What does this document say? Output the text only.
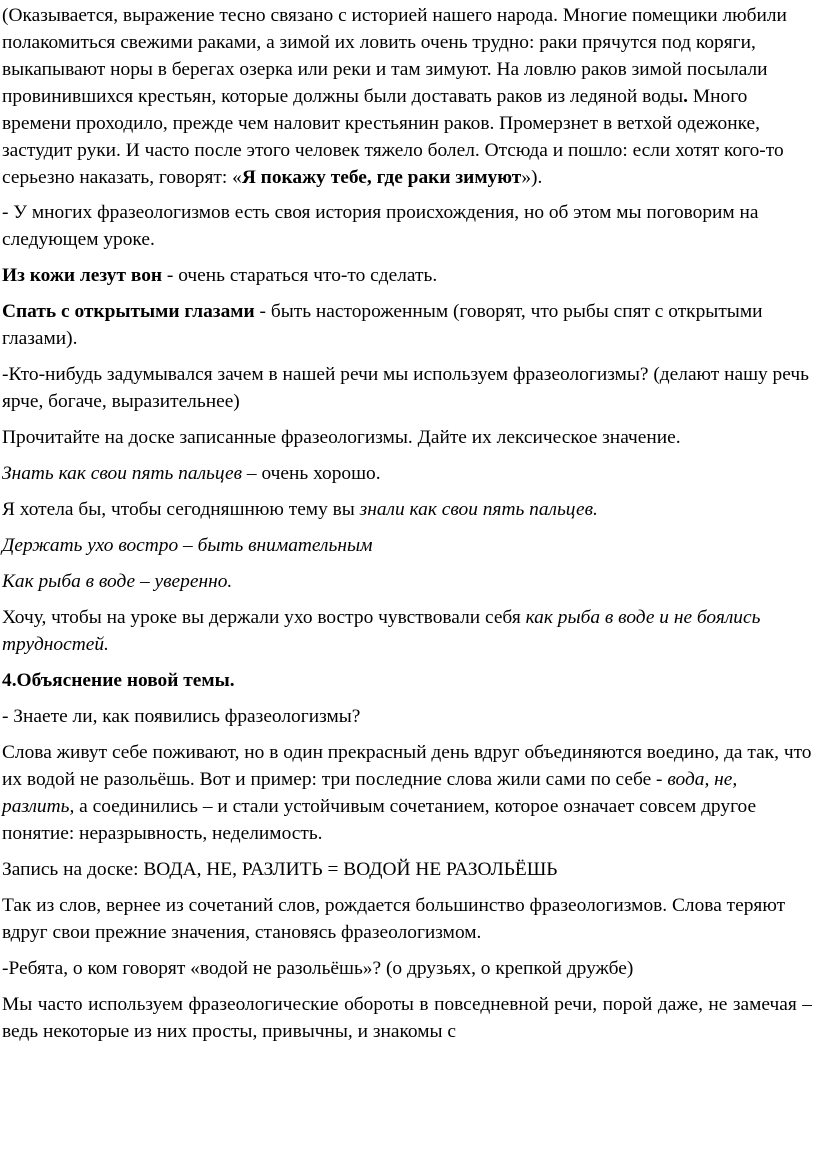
(Оказывается, выражение тесно связано с историей нашего народа. Многие помещики любили полакомиться свежими раками, а зимой их ловить очень трудно: раки прячутся под коряги, выкапывают норы в берегах озерка или реки и там зимуют. На ловлю раков зимой посылали провинившихся крестьян, которые должны были доставать раков из ледяной воды. Много времени проходило, прежде чем наловит крестьянин раков. Промерзнет в ветхой одежонке, застудит руки. И часто после этого человек тяжело болел. Отсюда и пошло: если хотят кого-то серьезно наказать, говорят: «Я покажу тебе, где раки зимуют»).

- У многих фразеологизмов есть своя история происхождения, но об этом мы поговорим на следующем уроке.

Из кожи лезут вон - очень стараться что-то сделать.

Спать с открытыми глазами - быть настороженным (говорят, что рыбы спят с открытыми глазами).

-Кто-нибудь задумывался зачем в нашей речи мы используем фразеологизмы? (делают нашу речь ярче, богаче, выразительнее)

Прочитайте на доске записанные фразеологизмы. Дайте их лексическое значение.

Знать как свои пять пальцев – очень хорошо.

Я хотела бы, чтобы сегодняшнюю тему вы знали как свои пять пальцев.

Держать ухо востро – быть внимательным

Как рыба в воде – уверенно.

Хочу, чтобы на уроке вы держали ухо востро чувствовали себя как рыба в воде и не боялись трудностей.

4.Объяснение новой темы.

- Знаете ли, как появились фразеологизмы?

Слова живут себе поживают, но в один прекрасный день вдруг объединяются воедино, да так, что их водой не разольёшь. Вот и пример: три последние слова жили сами по себе - вода, не, разлить, а соединились – и стали устойчивым сочетанием, которое означает совсем другое понятие: неразрывность, неделимость.

Запись на доске: ВОДА, НЕ, РАЗЛИТЬ = ВОДОЙ НЕ РАЗОЛЬЁШЬ

Так из слов, вернее из сочетаний слов, рождается большинство фразеологизмов. Слова теряют вдруг свои прежние значения, становясь фразеологизмом.

-Ребята, о ком говорят «водой не разольёшь»? (о друзьях, о крепкой дружбе)

Мы часто используем фразеологические обороты в повседневной речи, порой даже, не замечая – ведь некоторые из них просты, привычны, и знакомы с
